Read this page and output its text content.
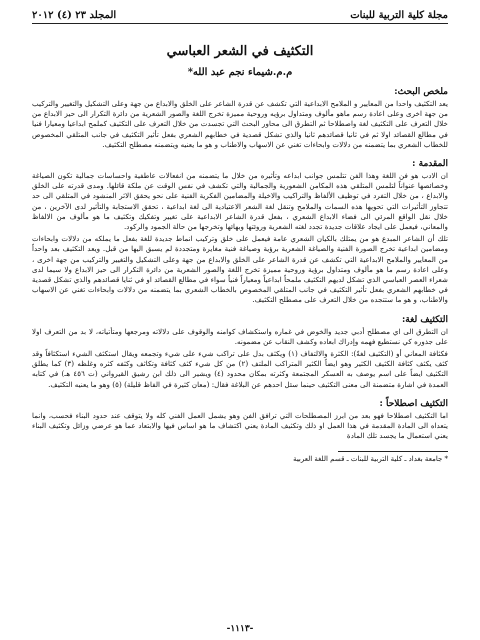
مجلة كلية التربية للبنات
المجلد ٢٣ (٤) ٢٠١٢
التكثيف في الشعر العباسي
م.م.شيماء نجم عبد الله*
ملخص البحث:

يعد التكثيف واحدا من المعايير و الملامح الابداعية التي تكشف عن قدرة الشاعر على الخلق والابداع من جهة وعلى التشكيل والتغيير والتركيب من جهة اخرى وعلى اعادة رسم ماهو مألوف ومتداول برؤيه وروحية مميزة تخرج اللغة والصور الشعرية من دائرة التكرار الى حيز الابداع من خلال التعرف على التكثيف لغة واصطلاحا ثم التطرق الى محاور البحث التي تجسدت من خلال التعرف على التكثيف كملمح ابداعيا ومعيارا فنيا في مطالع القصائد اولا ثم في ثانيا قصائدهم ثانيا والذي تشكل قصدية في خطابهم الشعري بفعل تأثير التكثيف في جانب المتلقي المخصوص للخطاب الشعري بما يتضمنه من دلالات وابحاءات تغني عن الاسهاب والاطناب و هو ما يعنيه ويتضمنه مصطلح التكثيف.

المقدمة :

ان الادب هو فن اللغة وهذا الفن تتلمس جوانب ابداعه وتأثيره من خلال ما يتضمنه من انفعالات عاطفية واحساسات جمالية تكون الصياغة وخصائصها عنواناً لتلمس المتلقي هذه المكامن الشعورية والجمالية والتي تكشف في نفس الوقت عن ملكة قائلها. ومدى قدرته على الخلق والابداع ، من خلال التفرد في توظيف الألفاظ والتراكيب والاخيلة والمضامين الفكرية الفنية على نحو يحقق الاثر المنشود في المتلقي الى حد تتجاوز التأثيرات التي تحويها هذه السمات والملامح وتنقل لغة الشعر الاعتيادية الى لغة ابداعية ، تحقق الاستجابة والتأثير لدى الآخرين ، من خلال نقل الواقع المرئي الى فضاء الابداع الشعري ، بفعل قدرة الشاعر الابداعية على تغيير وتفكيك وتكثيف ما هو مألوف من الالفاظ والمعاني، فيعمل على ايجاد علاقات جديدة تجدد لغته الشعرية وروئتها وبهائها وتخرجها من حالة الجمود والركود.

تلك أن الشاعر المبدع هو من يمتلك بالكيان الشعري عامة فيعمل على خلق وتركيب انماط جديدة للغة بفعل ما يملكه من دلالات وابحاءات ومضامين ابداعية تخرج الصورة الفنية والصياغة الشعرية برؤية وصياغة فنية مغايرة ومتجددة لم يسبق اليها من قبل. ويعد التكثيف بعد واحداً من المعايير والملامح الابداعية التي تكشف عن قدرة الشاعر على الخلق والابداع من جهة وعلى التشكيل والتغيير والتركيب من جهة اخرى ، وعلى اعادة رسم ما هو مألوف ومتداول برؤية وروحية مميزة تخرج اللغة والصور الشعرية من دائرة التكرار الى حيز الابداع ولا سيما لدى شعراء العصر العباسي الذي تشكل لديهم التكثيف ملمحاً ابداعياً ومعياراً فنياً سواء في مطالع القصائد او في ثنايا قصائدهم والذي تشكل قصدية في خطابهم الشعري بفعل تأثير التكثيف في جانب المتلقي المخصوص بالخطاب الشعري بما يتضمنه من دلالات وابحاءات تغني عن الاسهاب والاطناب، و هو ما ستتجده من خلال التعرف على مصطلح التكثيف.

التكثيف لغة:

ان التطرق الى اي مصطلح أدبي جديد والخوض في غماره واستكشاف كوامنه والوقوف على دلالاته ومرجعها ومتأتياته، لا بد من التعرف اولا على جذوره كي نستطيع فهمه وإدراك ابعاده وكشف النقاب عن مضمونه.

فكثافة المعاني أو (التكثيف لغةً): الكثرة والالتفاف (١) ويكثف بدل على تراكب شيء على شيء وتجمعه ويقال استكثف الشيء استكثافاً وقد كثف يكثف كثافة الكثيف الكثير وهو ايضاً الكثير المتراكب الملتف (٢) من كل شيء كثف كثافة وتكاثف وكثفه كثره وغلظه (٣) كما يطلق التكثيف ايضاً على اسم يوصف به العسكر المجتمعة وكثرته بمكان محدود (٤) ويشير الى ذلك ابن رشيق القيرواني (ت ٤٥٦ هـ) في كتابه العمدة في اشارة متضمنة الى معنى التكثيف حينما سئل احدهم عن البلاغة فقال: (معان كثيرة في الفاظ قليلة) (٥) وهو ما يعنيه التكثيف.

التكثيف اصطلاحاً :

اما التكثيف اصطلاحا فهو بعد من ابرز المصطلحات التي ترافق الفن وهو يشمل العمل الفني كله ولا يتوقف عند حدود البناء فحسب، وانما يتعداه الى المادة المقدمة في هذا العمل او ذلك وتكثيف المادة يعني اكتشاف ما هو اساس فيها والابتعاد عما هو عرضي وزائل وتكثيف البناء يعني استعمال ما يجسد تلك المادة

* جامعة بغداد ـ كلية التربية للبنات ـ قسم اللغة العربية
-١١١٣-
